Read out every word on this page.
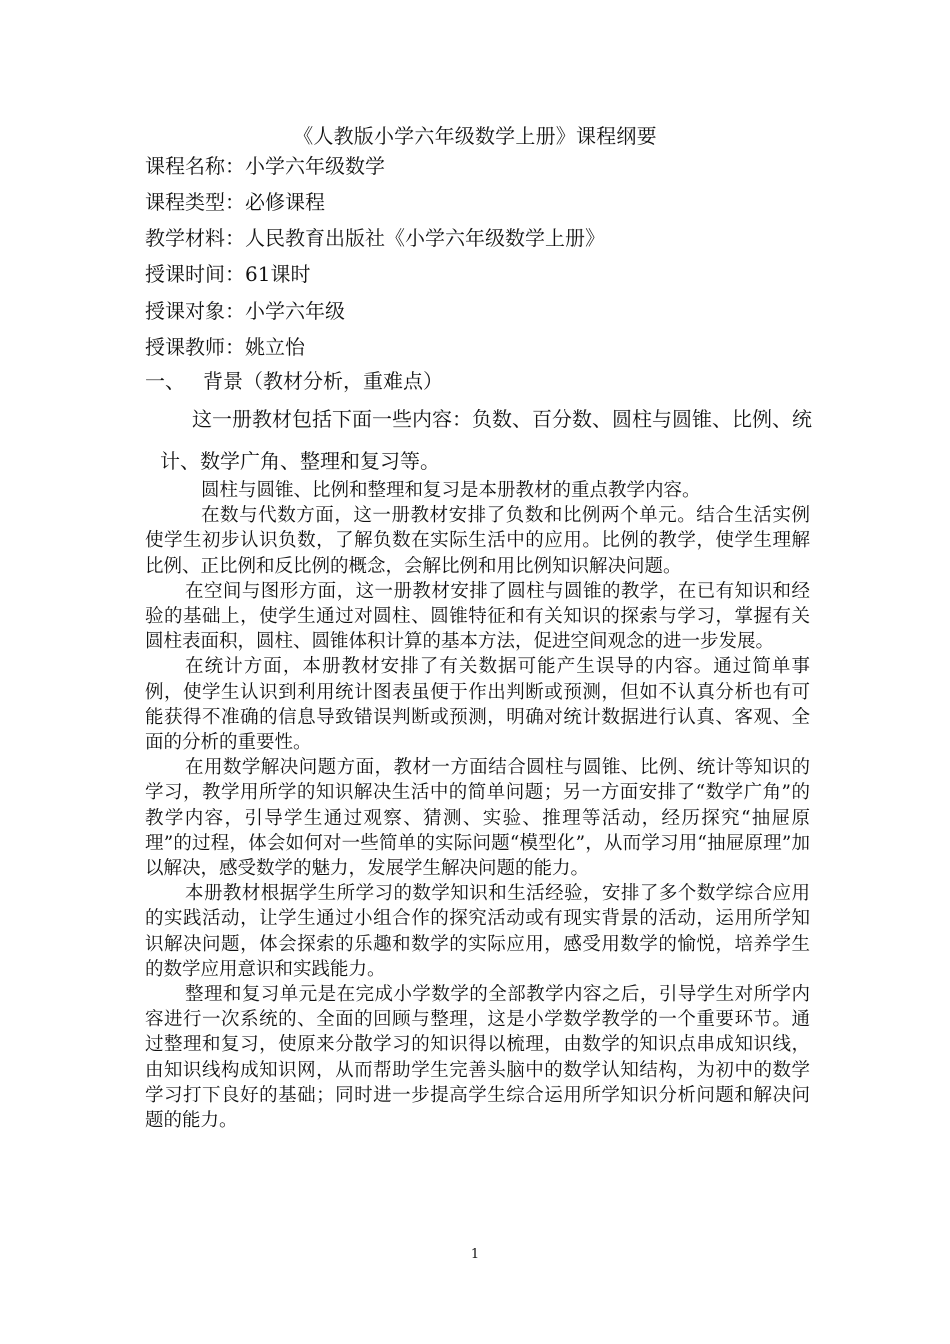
《人教版小学六年级数学上册》课程纲要
课程名称：小学六年级数学
课程类型：必修课程
教学材料：人民教育出版社《小学六年级数学上册》
授课时间：61课时
授课对象：小学六年级
授课教师：姚立怡
一、 背景（教材分析，重难点）

这一册教材包括下面一些内容：负数、百分数、圆柱与圆锥、比例、统计、数学广角、整理和复习等。

圆柱与圆锥、比例和整理和复习是本册教材的重点教学内容。

在数与代数方面，这一册教材安排了负数和比例两个单元。结合生活实例使学生初步认识负数，了解负数在实际生活中的应用。比例的教学，使学生理解比例、正比例和反比例的概念，会解比例和用比例知识解决问题。

在空间与图形方面，这一册教材安排了圆柱与圆锥的教学，在已有知识和经验的基础上，使学生通过对圆柱、圆锥特征和有关知识的探索与学习，掌握有关圆柱表面积，圆柱、圆锥体积计算的基本方法，促进空间观念的进一步发展。

在统计方面，本册教材安排了有关数据可能产生误导的内容。通过简单事例，使学生认识到利用统计图表虽便于作出判断或预测，但如不认真分析也有可能获得不准确的信息导致错误判断或预测，明确对统计数据进行认真、客观、全面的分析的重要性。

在用数学解决问题方面，教材一方面结合圆柱与圆锥、比例、统计等知识的学习，教学用所学的知识解决生活中的简单问题；另一方面安排了“数学广角”的教学内容，引导学生通过观察、猜测、实验、推理等活动，经历探究“抽屉原理”的过程，体会如何对一些简单的实际问题“模型化”，从而学习用“抽屉原理”加以解决，感受数学的魅力，发展学生解决问题的能力。

本册教材根据学生所学习的数学知识和生活经验，安排了多个数学综合应用的实践活动，让学生通过小组合作的探究活动或有现实背景的活动，运用所学知识解决问题，体会探索的乐趣和数学的实际应用，感受用数学的愉悦，培养学生的数学应用意识和实践能力。

整理和复习单元是在完成小学数学的全部教学内容之后，引导学生对所学内容进行一次系统的、全面的回顾与整理，这是小学数学教学的一个重要环节。通过整理和复习，使原来分散学习的知识得以梳理，由数学的知识点串成知识线，由知识线构成知识网，从而帮助学生完善头脑中的数学认知结构，为初中的数学学习打下良好的基础；同时进一步提高学生综合运用所学知识分析问题和解决问题的能力。

1
